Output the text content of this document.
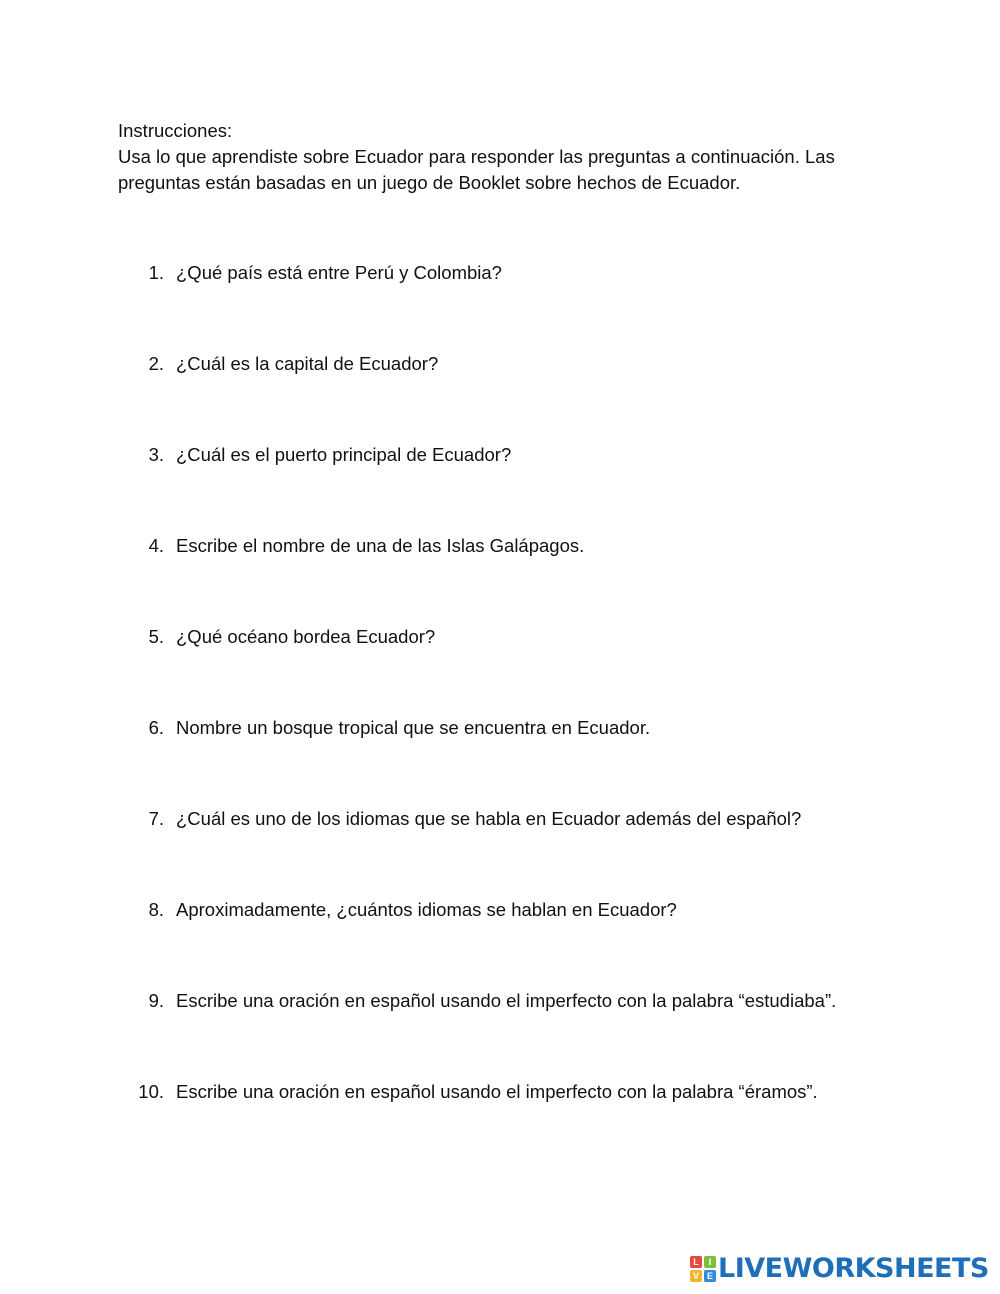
Instrucciones:

Usa lo que aprendiste sobre Ecuador para responder las preguntas a continuación. Las

preguntas están basadas en un juego de Booklet sobre hechos de Ecuador.

1. ¿Qué país está entre Perú y Colombia?
2. ¿Cuál es la capital de Ecuador?
3. ¿Cuál es el puerto principal de Ecuador?
4. Escribe el nombre de una de las Islas Galápagos.
5. ¿Qué océano bordea Ecuador?
6. Nombre un bosque tropical que se encuentra en Ecuador.
7. ¿Cuál es uno de los idiomas que se habla en Ecuador además del español?
8. Aproximadamente, ¿cuántos idiomas se hablan en Ecuador?
9. Escribe una oración en español usando el imperfecto con la palabra “estudiaba”.
10. Escribe una oración en español usando el imperfecto con la palabra “éramos”.
L	I
V E LIVEWORKSHEETS
